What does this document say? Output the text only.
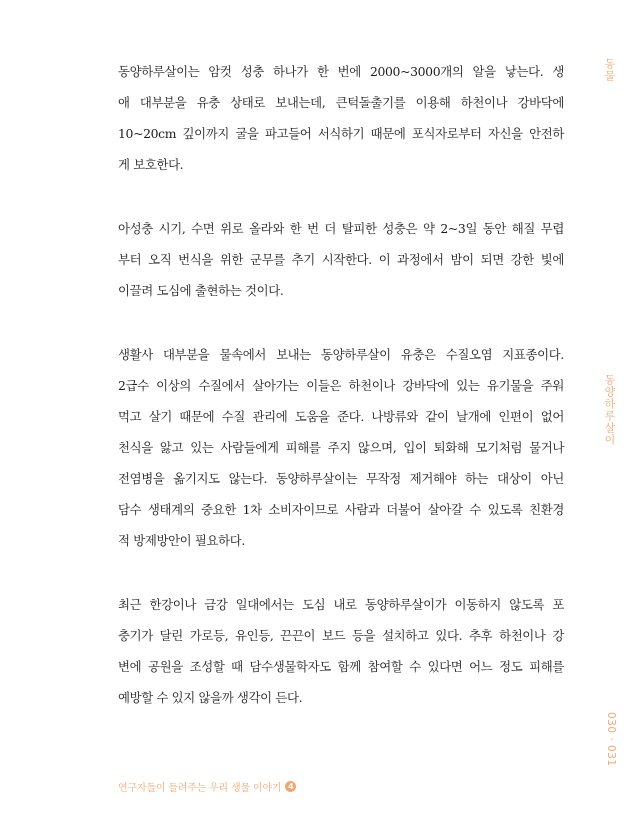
동양하루살이는 암컷 성충 하나가 한 번에 2000~3000개의 알을 낳는다. 생
애 대부분을 유충 상태로 보내는데, 큰턱돌출기를 이용해 하천이나 강바닥에
10~20cm 깊이까지 굴을 파고들어 서식하기 때문에 포식자로부터 자신을 안전하
게 보호한다.

아성충 시기, 수면 위로 올라와 한 번 더 탈피한 성충은 약 2~3일 동안 해질 무렵
부터 오직 번식을 위한 군무를 추기 시작한다. 이 과정에서 밤이 되면 강한 빛에
이끌려 도심에 출현하는 것이다.

생활사 대부분을 물속에서 보내는 동양하루살이 유충은 수질오염 지표종이다.
2급수 이상의 수질에서 살아가는 이들은 하천이나 강바닥에 있는 유기물을 주워
먹고 살기 때문에 수질 관리에 도움을 준다. 나방류와 같이 날개에 인편이 없어
천식을 앓고 있는 사람들에게 피해를 주지 않으며, 입이 퇴화해 모기처럼 물거나
전염병을 옮기지도 않는다. 동양하루살이는 무작정 제거해야 하는 대상이 아닌
담수 생태계의 중요한 1차 소비자이므로 사람과 더불어 살아갈 수 있도록 친환경
적 방제방안이 필요하다.

최근 한강이나 금강 일대에서는 도심 내로 동양하루살이가 이동하지 않도록 포
충기가 달린 가로등, 유인등, 끈끈이 보드 등을 설치하고 있다. 추후 하천이나 강
변에 공원을 조성할 때 담수생물학자도 함께 참여할 수 있다면 어느 정도 피해를
예방할 수 있지 않을까 생각이 든다.

동물
동양하루살이
030 · 031
연구자들이 들려주는 우리 생물 이야기 4
